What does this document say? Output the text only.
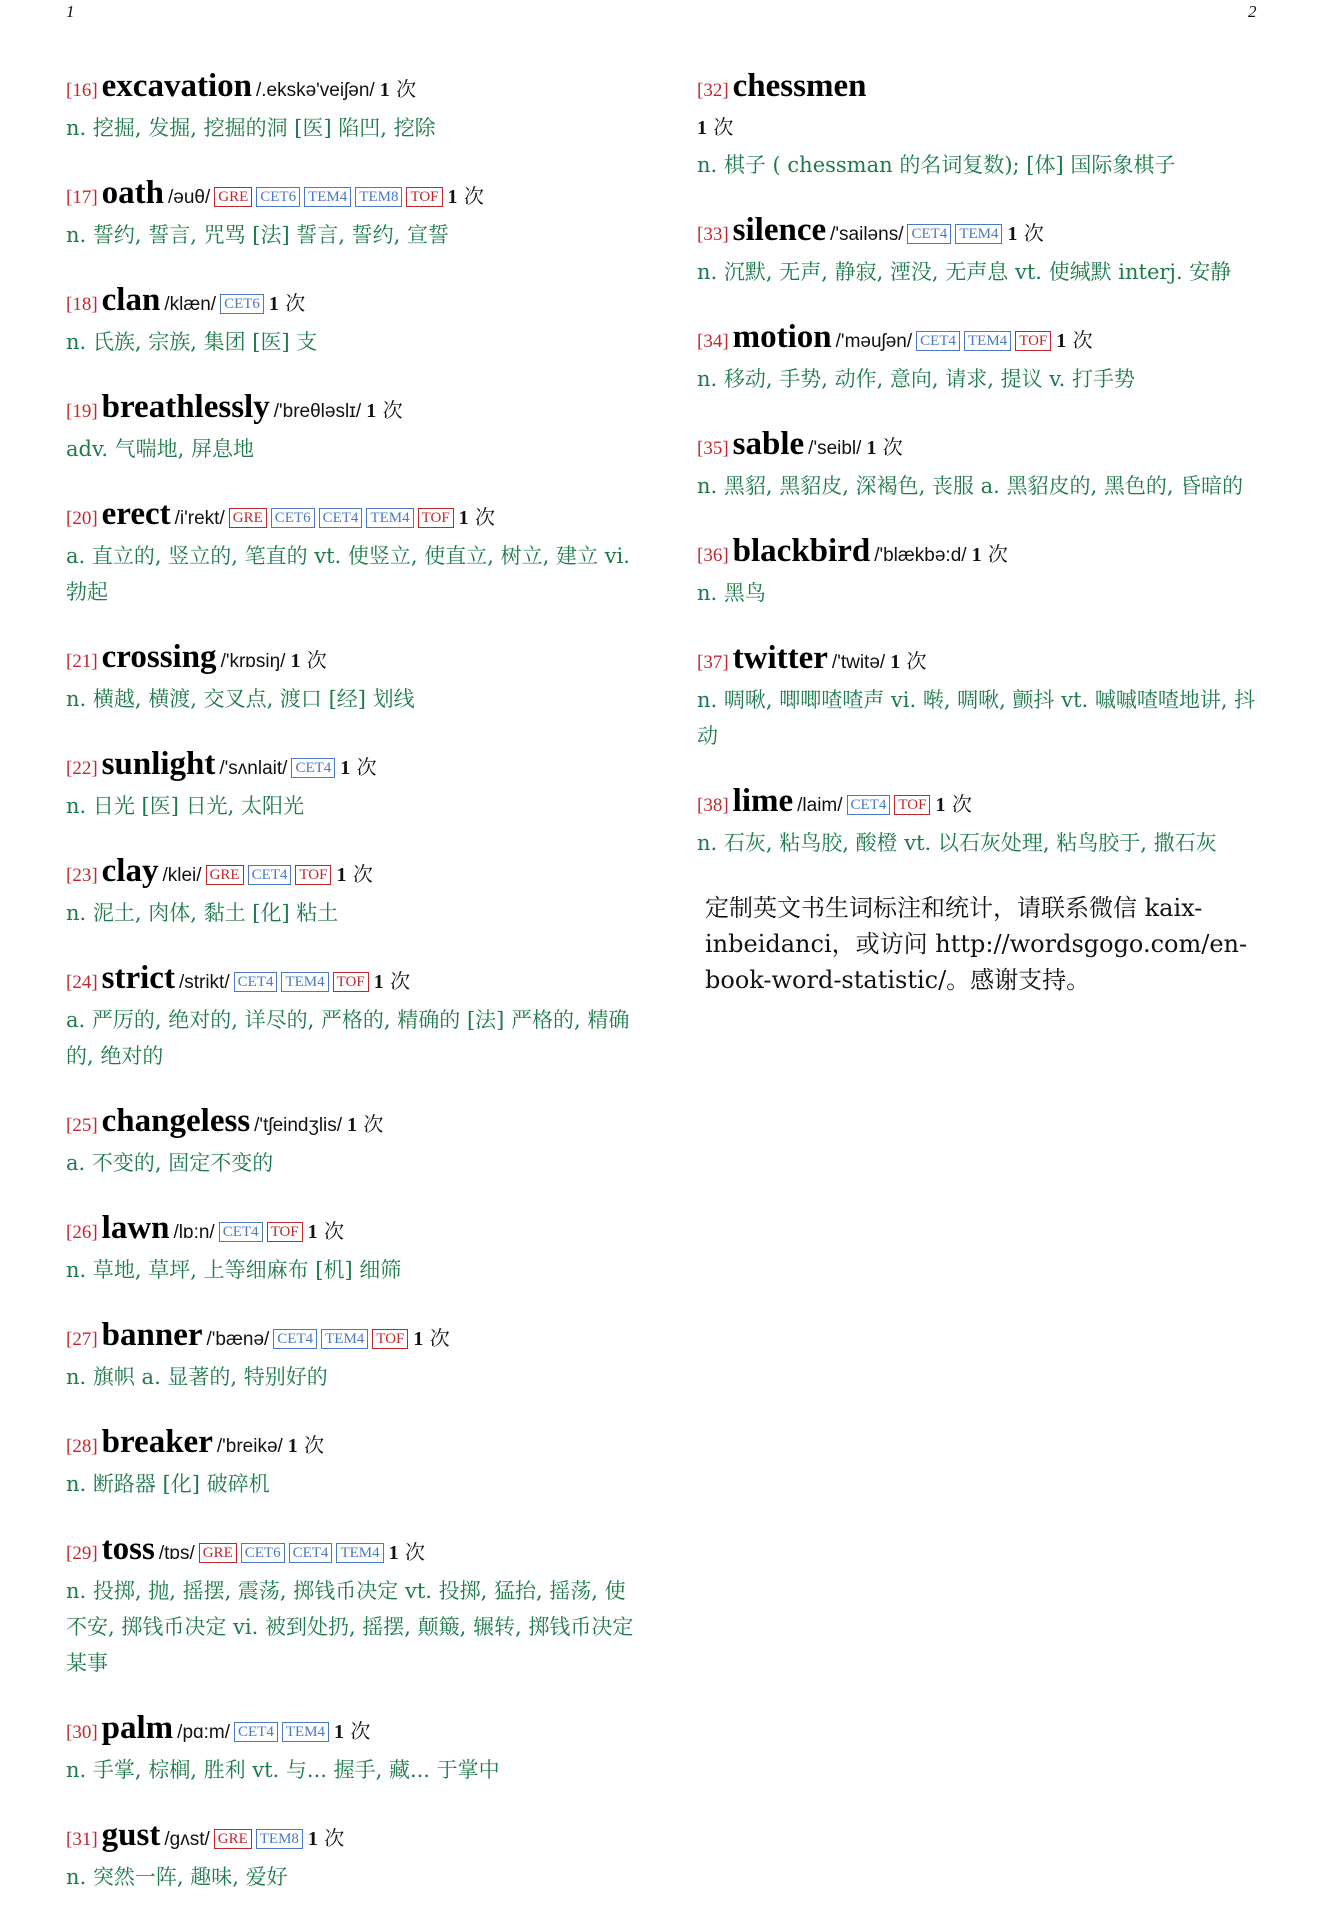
1	2
[16] excavation /.ekskə'veiʃən/ 1 次
n. 挖掘, 发掘, 挖掘的洞 [医] 陷凹, 挖除
[17] oath /əuθ/ GRE CET6 TEM4 TEM8 TOF 1 次
n. 誓约, 誓言, 咒骂 [法] 誓言, 誓约, 宣誓
[18] clan /klæn/ CET6 1 次
n. 氏族, 宗族, 集团 [医] 支
[19] breathlessly /'breθləslɪ/ 1 次
adv. 气喘地, 屏息地
[20] erect /i'rekt/ GRE CET6 CET4 TEM4 TOF 1 次
a. 直立的, 竖立的, 笔直的 vt. 使竖立, 使直立, 树立, 建立 vi. 勃起
[21] crossing /'krɒsiŋ/ 1 次
n. 横越, 横渡, 交叉点, 渡口 [经] 划线
[22] sunlight /'sʌnlait/ CET4 1 次
n. 日光 [医] 日光, 太阳光
[23] clay /klei/ GRE CET4 TOF 1 次
n. 泥土, 肉体, 黏土 [化] 粘土
[24] strict /strikt/ CET4 TEM4 TOF 1 次
a. 严厉的, 绝对的, 详尽的, 严格的, 精确的 [法] 严格的, 精确的, 绝对的
[25] changeless /'tʃeindʒlis/ 1 次
a. 不变的, 固定不变的
[26] lawn /lɒ:n/ CET4 TOF 1 次
n. 草地, 草坪, 上等细麻布 [机] 细筛
[27] banner /'bænə/ CET4 TEM4 TOF 1 次
n. 旗帜 a. 显著的, 特别好的
[28] breaker /'breikə/ 1 次
n. 断路器 [化] 破碎机
[29] toss /tɒs/ GRE CET6 CET4 TEM4 1 次
n. 投掷, 抛, 摇摆, 震荡, 掷钱币决定 vt. 投掷, 猛抬, 摇荡, 使不安, 掷钱币决定 vi. 被到处扔, 摇摆, 颠簸, 辗转, 掷钱币决定某事
[30] palm /pɑ:m/ CET4 TEM4 1 次
n. 手掌, 棕榈, 胜利 vt. 与... 握手, 藏... 于掌中
[31] gust /gʌst/ GRE TEM8 1 次
n. 突然一阵, 趣味, 爱好
[32] chessmen
1 次
n. 棋子 ( chessman 的名词复数); [体] 国际象棋子
[33] silence /'sailəns/ CET4 TEM4 1 次
n. 沉默, 无声, 静寂, 湮没, 无声息 vt. 使缄默 interj. 安静
[34] motion /'məuʃən/ CET4 TEM4 TOF 1 次
n. 移动, 手势, 动作, 意向, 请求, 提议 v. 打手势
[35] sable /'seibl/ 1 次
n. 黑貂, 黑貂皮, 深褐色, 丧服 a. 黑貂皮的, 黑色的, 昏暗的
[36] blackbird /'blækbə:d/ 1 次
n. 黑鸟
[37] twitter /'twitə/ 1 次
n. 啁啾, 唧唧喳喳声 vi. 啭, 啁啾, 颤抖 vt. 嘁嘁喳喳地讲, 抖动
[38] lime /laim/ CET4 TOF 1 次
n. 石灰, 粘鸟胶, 酸橙 vt. 以石灰处理, 粘鸟胶于, 撒石灰
定制英文书生词标注和统计，请联系微信 kaix-inbeidanci，或访问 http://wordsgogo.com/en-book-word-statistic/。感谢支持。
